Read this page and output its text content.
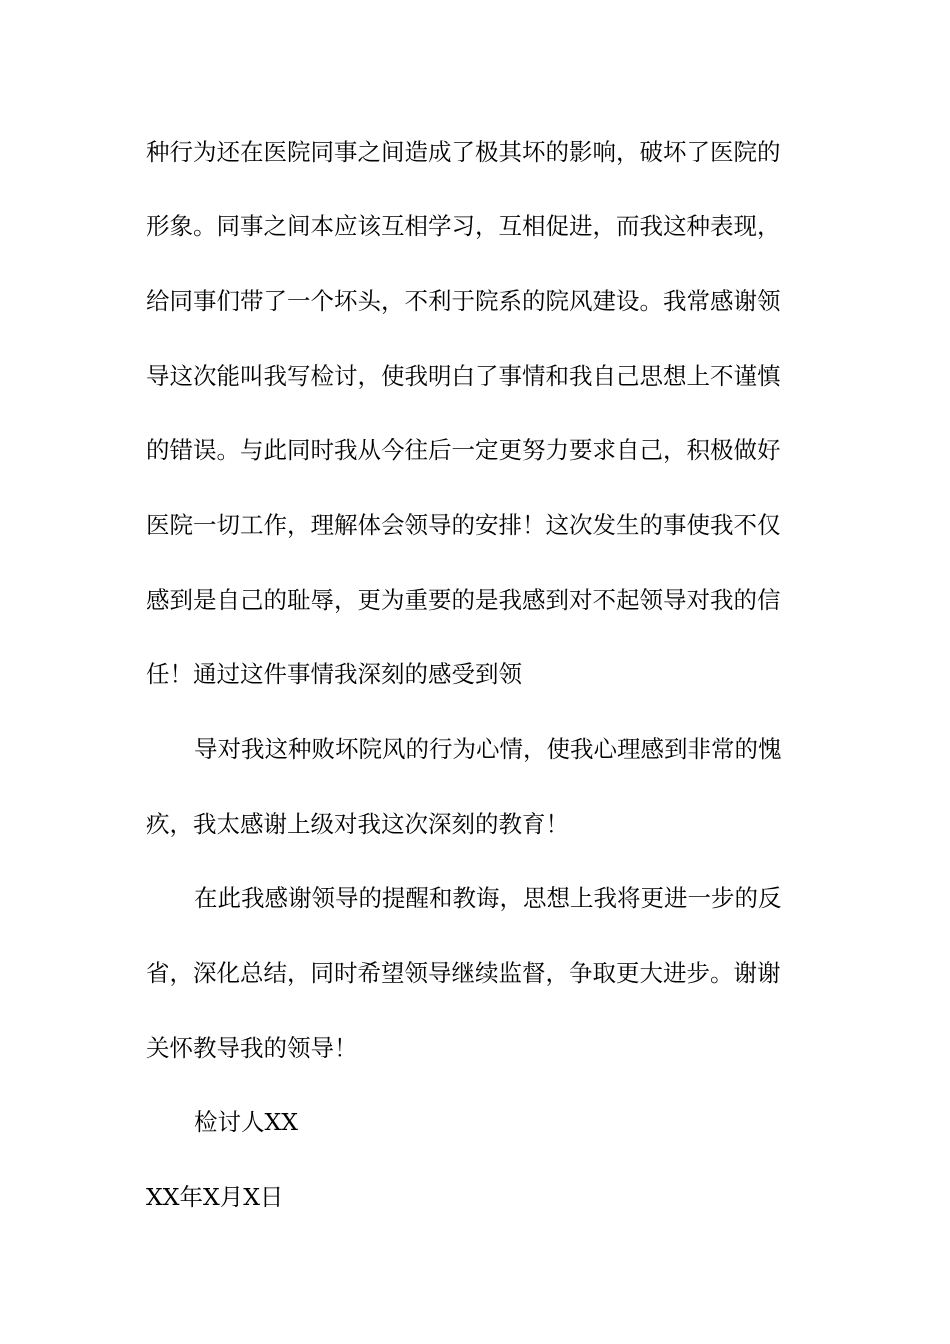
种行为还在医院同事之间造成了极其坏的影响，破坏了医院的
形象。同事之间本应该互相学习，互相促进，而我这种表现，
给同事们带了一个坏头，不利于院系的院风建设。我常感谢领
导这次能叫我写检讨，使我明白了事情和我自己思想上不谨慎
的错误。与此同时我从今往后一定更努力要求自己，积极做好
医院一切工作，理解体会领导的安排！这次发生的事使我不仅
感到是自己的耻辱，更为重要的是我感到对不起领导对我的信
任！通过这件事情我深刻的感受到领
导对我这种败坏院风的行为心情，使我心理感到非常的愧
疚，我太感谢上级对我这次深刻的教育！
在此我感谢领导的提醒和教诲，思想上我将更进一步的反
省，深化总结，同时希望领导继续监督，争取更大进步。谢谢
关怀教导我的领导！
检讨人XX
XX年X月X日
